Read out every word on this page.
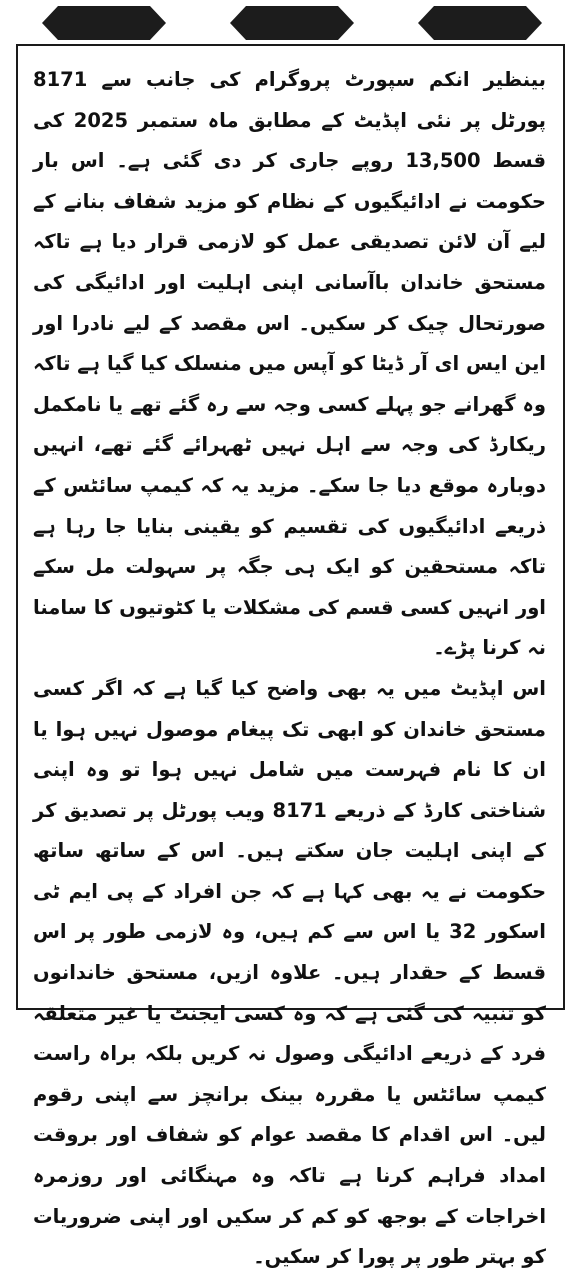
بینظیر انکم سپورٹ پروگرام کی جانب سے 8171 پورٹل پر نئی اپڈیٹ کے مطابق ماہ ستمبر 2025 کی قسط 13,500 روپے جاری کر دی گئی ہے۔ اس بار حکومت نے ادائیگیوں کے نظام کو مزید شفاف بنانے کے لیے آن لائن تصدیقی عمل کو لازمی قرار دیا ہے تاکہ مستحق خاندان باآسانی اپنی اہلیت اور ادائیگی کی صورتحال چیک کر سکیں۔ اس مقصد کے لیے نادرا اور این ایس ای آر ڈیٹا کو آپس میں منسلک کیا گیا ہے تاکہ وہ گھرانے جو پہلے کسی وجہ سے رہ گئے تھے یا نامکمل ریکارڈ کی وجہ سے اہل نہیں ٹھہرائے گئے تھے، انہیں دوبارہ موقع دیا جا سکے۔ مزید یہ کہ کیمپ سائٹس کے ذریعے ادائیگیوں کی تقسیم کو یقینی بنایا جا رہا ہے تاکہ مستحقین کو ایک ہی جگہ پر سہولت مل سکے اور انہیں کسی قسم کی مشکلات یا کٹوتیوں کا سامنا نہ کرنا پڑے۔

اس اپڈیٹ میں یہ بھی واضح کیا گیا ہے کہ اگر کسی مستحق خاندان کو ابھی تک پیغام موصول نہیں ہوا یا ان کا نام فہرست میں شامل نہیں ہوا تو وہ اپنی شناختی کارڈ کے ذریعے 8171 ویب پورٹل پر تصدیق کر کے اپنی اہلیت جان سکتے ہیں۔ اس کے ساتھ ساتھ حکومت نے یہ بھی کہا ہے کہ جن افراد کے پی ایم ٹی اسکور 32 یا اس سے کم ہیں، وہ لازمی طور پر اس قسط کے حقدار ہیں۔ علاوہ ازیں، مستحق خاندانوں کو تنبیہ کی گئی ہے کہ وہ کسی ایجنٹ یا غیر متعلقہ فرد کے ذریعے ادائیگی وصول نہ کریں بلکہ براہ راست کیمپ سائٹس یا مقررہ بینک برانچز سے اپنی رقوم لیں۔ اس اقدام کا مقصد عوام کو شفاف اور بروقت امداد فراہم کرنا ہے تاکہ وہ مہنگائی اور روزمرہ اخراجات کے بوجھ کو کم کر سکیں اور اپنی ضروریات کو بہتر طور پر پورا کر سکیں۔
